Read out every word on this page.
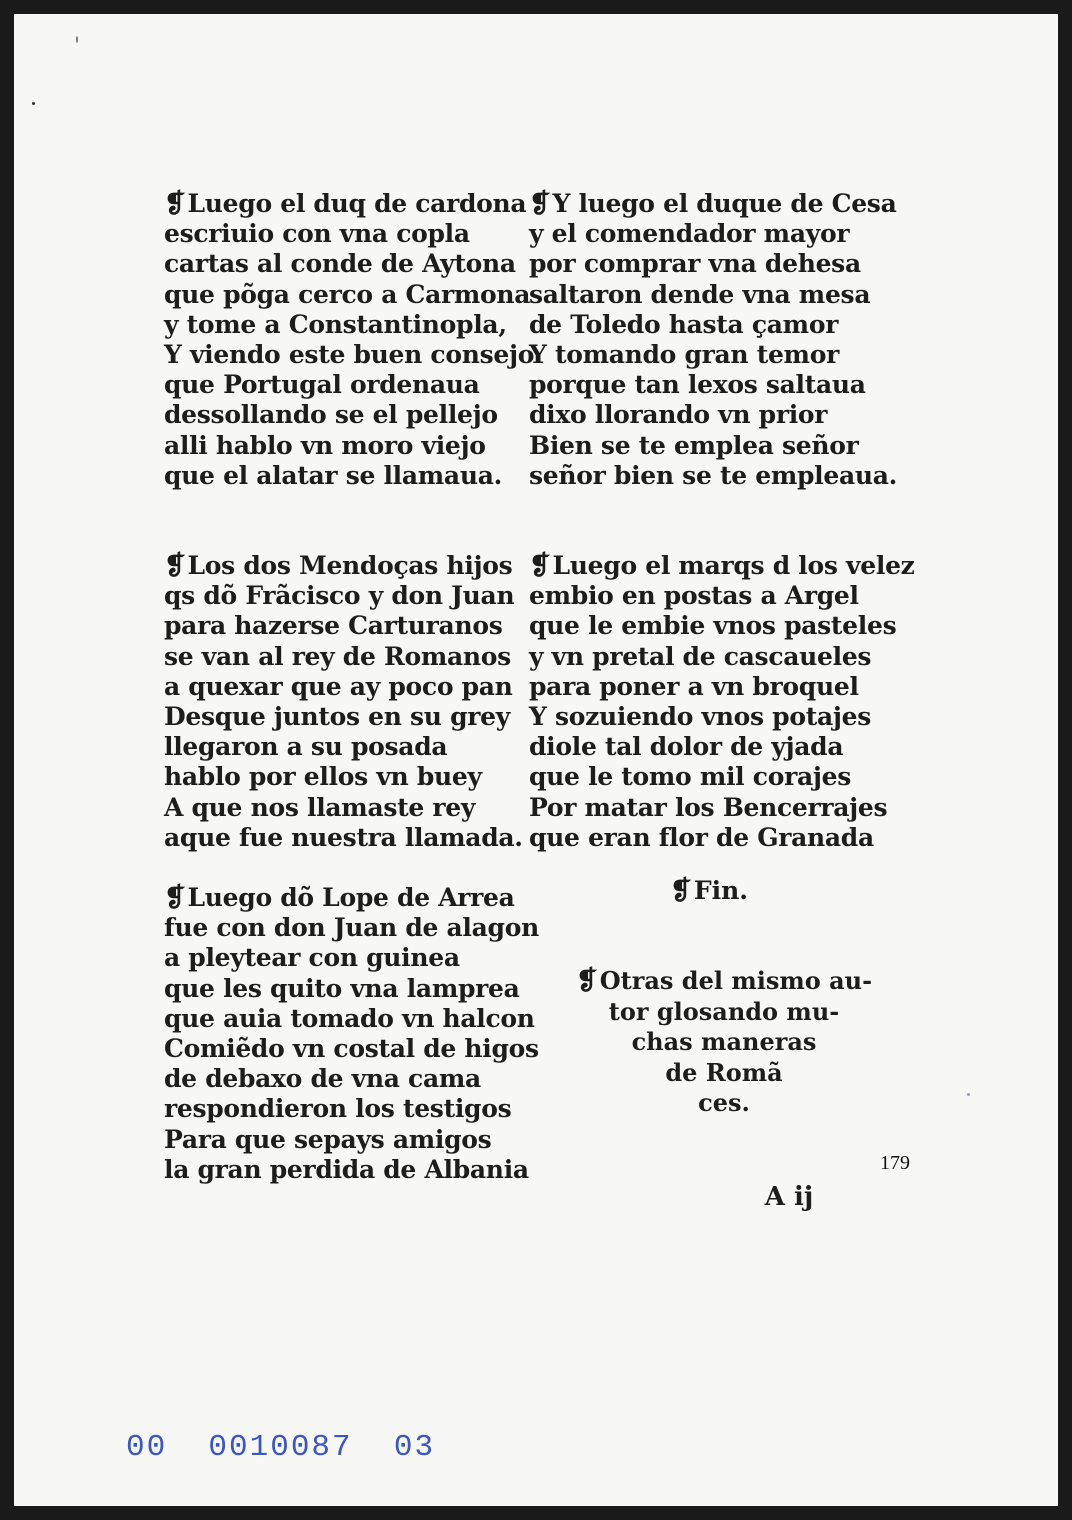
❡Luego el duq de cardona
escriuio con vna copla
cartas al conde de Aytona
que põga cerco a Carmona
y tome a Constantinopla,
Y viendo este buen consejo
que Portugal ordenaua
dessollando se el pellejo
alli hablo vn moro viejo
que el alatar se llamaua.
❡Los dos Mendoças hijos
qs dõ Frãcisco y don Juan
para hazerse Carturanos
se van al rey de Romanos
a quexar que ay poco pan
Desque juntos en su grey
llegaron a su posada
hablo por ellos vn buey
A que nos llamaste rey
aque fue nuestra llamada.
❡Luego dõ Lope de Arrea
fue con don Juan de alagon
a pleytear con guinea
que les quito vna lamprea
que auia tomado vn halcon
Comiẽdo vn costal de higos
de debaxo de vna cama
respondieron los testigos
Para que sepays amigos
la gran perdida de Albania
❡Y luego el duque de Cesa
y el comendador mayor
por comprar vna dehesa
saltaron dende vna mesa
de Toledo hasta çamor
Y tomando gran temor
porque tan lexos saltaua
dixo llorando vn prior
Bien se te emplea señor
señor bien se te empleaua.
❡Luego el marqs d los velez
embio en postas a Argel
que le embie vnos pasteles
y vn pretal de cascaueles
para poner a vn broquel
Y sozuiendo vnos potajes
diole tal dolor de yjada
que le tomo mil corajes
Por matar los Bencerrajes
que eran flor de Granada
❡Fin.
❡Otras del mismo au-
tor glosando mu-
chas maneras
de Romã
ces.
A ij
179
00  0010087  03
